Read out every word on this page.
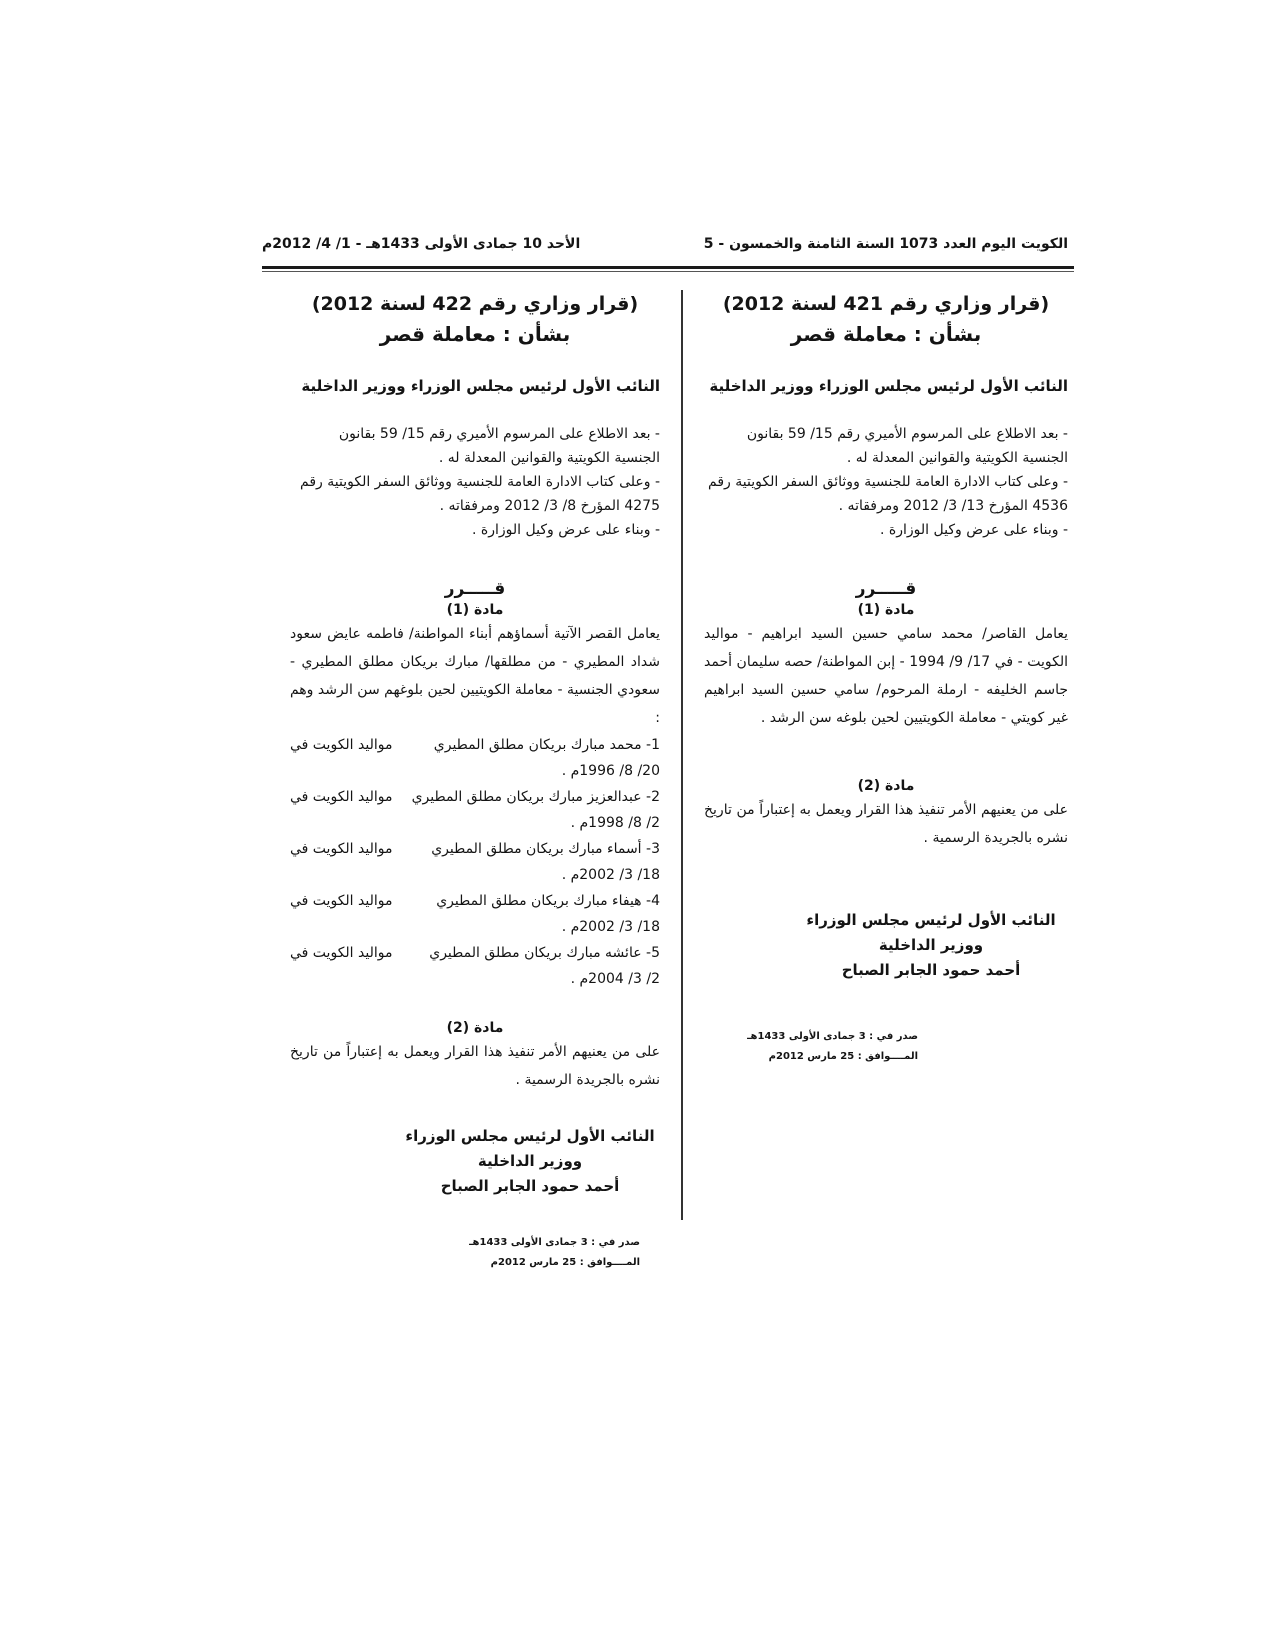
الكويت اليوم العدد 1073 السنة الثامنة والخمسون - 5
الأحد 10 جمادى الأولى 1433هـ - 1/ 4/ 2012م
(قرار وزاري رقم 421 لسنة 2012)
بشأن : معاملة قصر
النائب الأول لرئيس مجلس الوزراء ووزير الداخلية

- بعد الاطلاع على المرسوم الأميري رقم 15/ 59 بقانون الجنسية الكويتية والقوانين المعدلة له .

- وعلى كتاب الادارة العامة للجنسية ووثائق السفر الكويتية رقم 4536 المؤرخ 13/ 3/ 2012 ومرفقاته .

- وبناء على عرض وكيل الوزارة .

قـــــرر
مادة (1)

يعامل القاصر/ محمد سامي حسين السيد ابراهيم - مواليد الكويت - في 17/ 9/ 1994 - إبن المواطنة/ حصه سليمان أحمد جاسم الخليفه - ارملة المرحوم/ سامي حسين السيد ابراهيم غير كويتي - معاملة الكويتيين لحين بلوغه سن الرشد .

مادة (2)

على من يعنيهم الأمر تنفيذ هذا القرار ويعمل به إعتباراً من تاريخ نشره بالجريدة الرسمية .

النائب الأول لرئيس مجلس الوزراء
ووزير الداخلية
أحمد حمود الجابر الصباح
صدر في : 3 جمادى الأولى 1433هـ
المــــوافق : 25 مارس 2012م
(قرار وزاري رقم 422 لسنة 2012)
بشأن : معاملة قصر
النائب الأول لرئيس مجلس الوزراء ووزير الداخلية

- بعد الاطلاع على المرسوم الأميري رقم 15/ 59 بقانون الجنسية الكويتية والقوانين المعدلة له .

- وعلى كتاب الادارة العامة للجنسية ووثائق السفر الكويتية رقم 4275 المؤرخ 8/ 3/ 2012 ومرفقاته .

- وبناء على عرض وكيل الوزارة .

قـــــرر
مادة (1)

يعامل القصر الآتية أسماؤهم أبناء المواطنة/ فاطمه عايض سعود شداد المطيري - من مطلقها/ مبارك بريكان مطلق المطيري - سعودي الجنسية - معاملة الكويتيين لحين بلوغهم سن الرشد وهم :

1- محمد مبارك بريكان مطلق المطيري
مواليد الكويت في
20/ 8/ 1996م .
2- عبدالعزيز مبارك بريكان مطلق المطيري
مواليد الكويت في
2/ 8/ 1998م .
3- أسماء مبارك بريكان مطلق المطيري
مواليد الكويت في
18/ 3/ 2002م .
4- هيفاء مبارك بريكان مطلق المطيري
مواليد الكويت في
18/ 3/ 2002م .
5- عائشه مبارك بريكان مطلق المطيري
مواليد الكويت في
2/ 3/ 2004م .
مادة (2)

على من يعنيهم الأمر تنفيذ هذا القرار ويعمل به إعتباراً من تاريخ نشره بالجريدة الرسمية .

النائب الأول لرئيس مجلس الوزراء
ووزير الداخلية
أحمد حمود الجابر الصباح
صدر في : 3 جمادى الأولى 1433هـ
المــــوافق : 25 مارس 2012م
